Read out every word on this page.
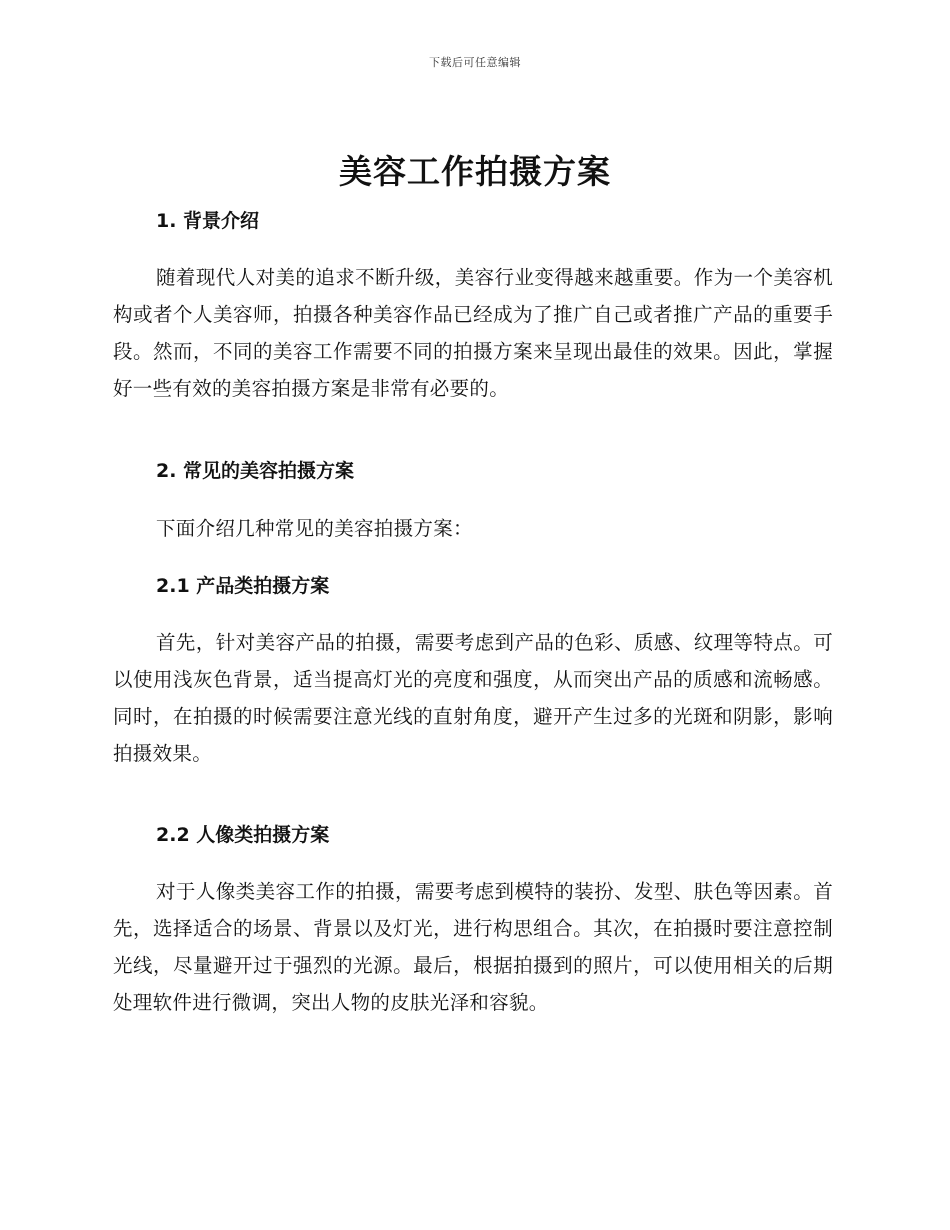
下载后可任意编辑
美容工作拍摄方案
1. 背景介绍

随着现代人对美的追求不断升级，美容行业变得越来越重要。作为一个美容机构或者个人美容师，拍摄各种美容作品已经成为了推广自己或者推广产品的重要手段。然而，不同的美容工作需要不同的拍摄方案来呈现出最佳的效果。因此，掌握好一些有效的美容拍摄方案是非常有必要的。

2. 常见的美容拍摄方案

下面介绍几种常见的美容拍摄方案：

2.1 产品类拍摄方案

首先，针对美容产品的拍摄，需要考虑到产品的色彩、质感、纹理等特点。可以使用浅灰色背景，适当提高灯光的亮度和强度，从而突出产品的质感和流畅感。同时，在拍摄的时候需要注意光线的直射角度，避开产生过多的光斑和阴影，影响拍摄效果。

2.2 人像类拍摄方案

对于人像类美容工作的拍摄，需要考虑到模特的装扮、发型、肤色等因素。首先，选择适合的场景、背景以及灯光，进行构思组合。其次，在拍摄时要注意控制光线，尽量避开过于强烈的光源。最后，根据拍摄到的照片，可以使用相关的后期处理软件进行微调，突出人物的皮肤光泽和容貌。
